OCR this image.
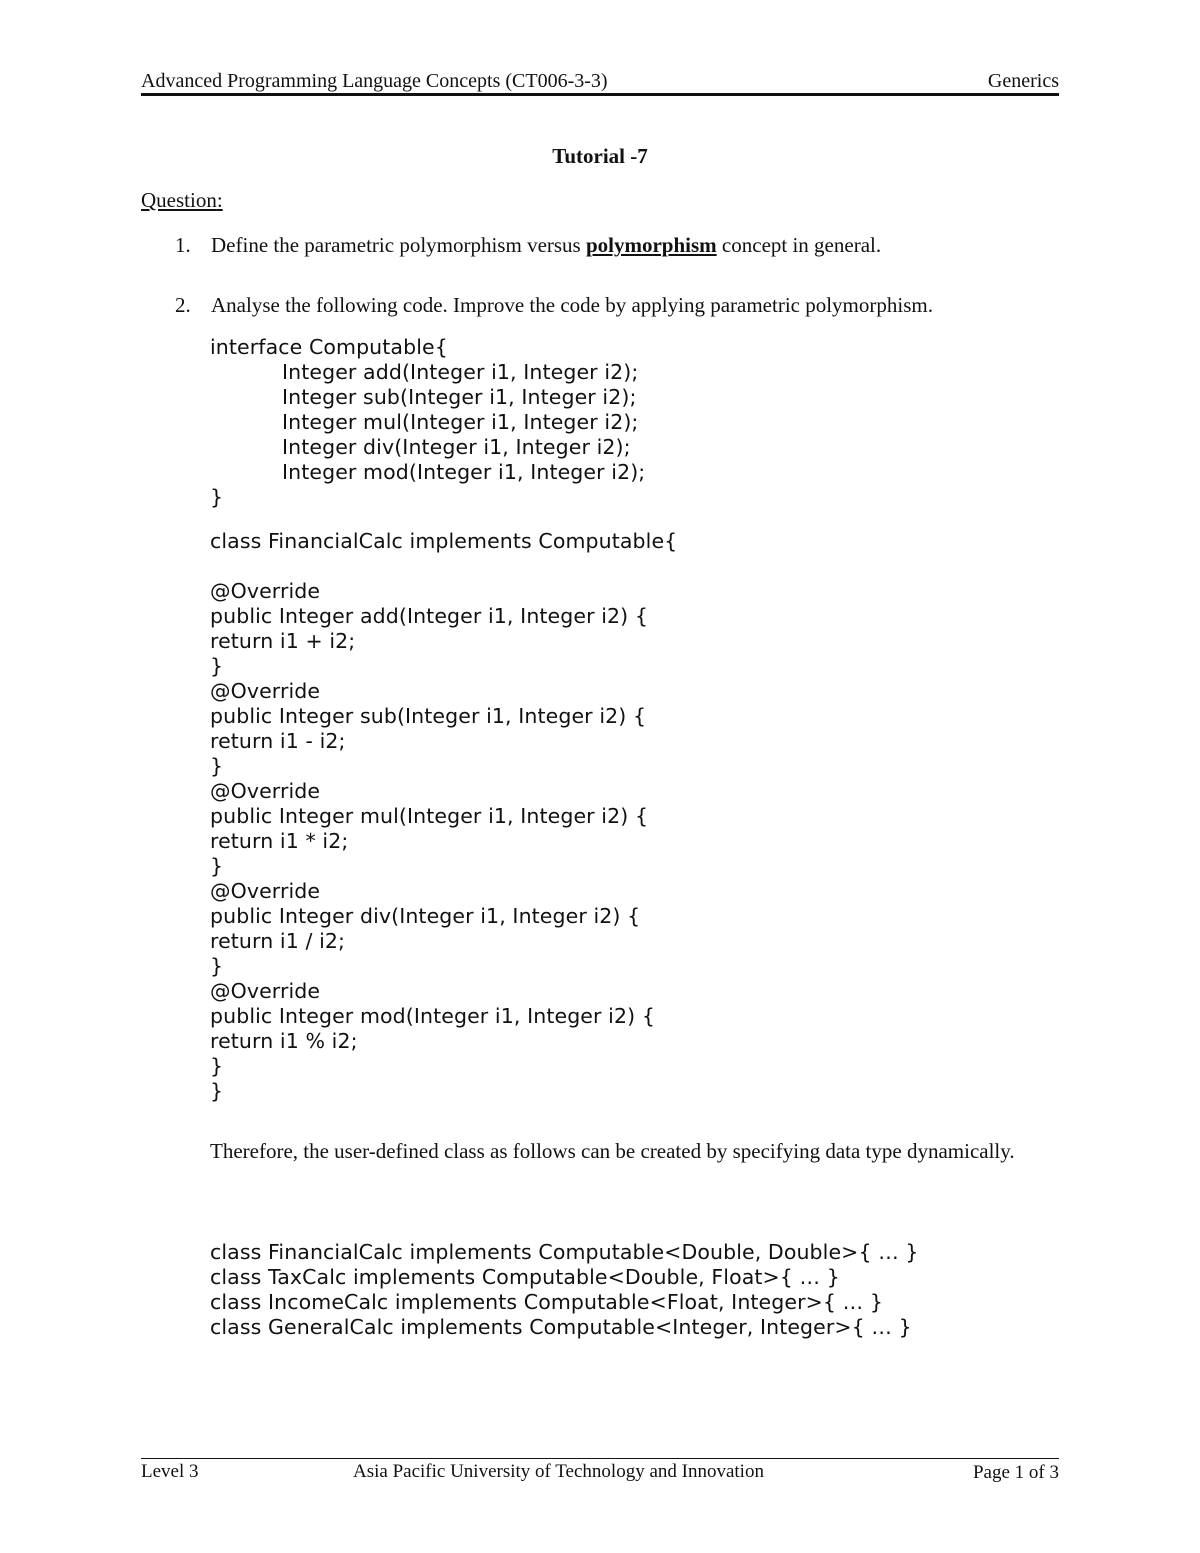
Advanced Programming Language Concepts (CT006-3-3)	Generics
Tutorial -7
Question:
1. Define the parametric polymorphism versus polymorphism concept in general.
2. Analyse the following code. Improve the code by applying parametric polymorphism.
interface Computable{
Integer add(Integer i1, Integer i2);
Integer sub(Integer i1, Integer i2);
Integer mul(Integer i1, Integer i2);
Integer div(Integer i1, Integer i2);
Integer mod(Integer i1, Integer i2);
}
class FinancialCalc implements Computable{
@Override
public Integer add(Integer i1, Integer i2) {
return i1 + i2;
}
@Override
public Integer sub(Integer i1, Integer i2) {
return i1 - i2;
}
@Override
public Integer mul(Integer i1, Integer i2) {
return i1 * i2;
}
@Override
public Integer div(Integer i1, Integer i2) {
return i1 / i2;
}
@Override
public Integer mod(Integer i1, Integer i2) {
return i1 % i2;
}
}
Therefore, the user-defined class as follows can be created by specifying data type dynamically.
class FinancialCalc implements Computable<Double, Double>{ … }
class TaxCalc implements Computable<Double, Float>{ … }
class IncomeCalc implements Computable<Float, Integer>{ … }
class GeneralCalc implements Computable<Integer, Integer>{ … }
Level 3	Asia Pacific University of Technology and Innovation	Page 1 of 3
